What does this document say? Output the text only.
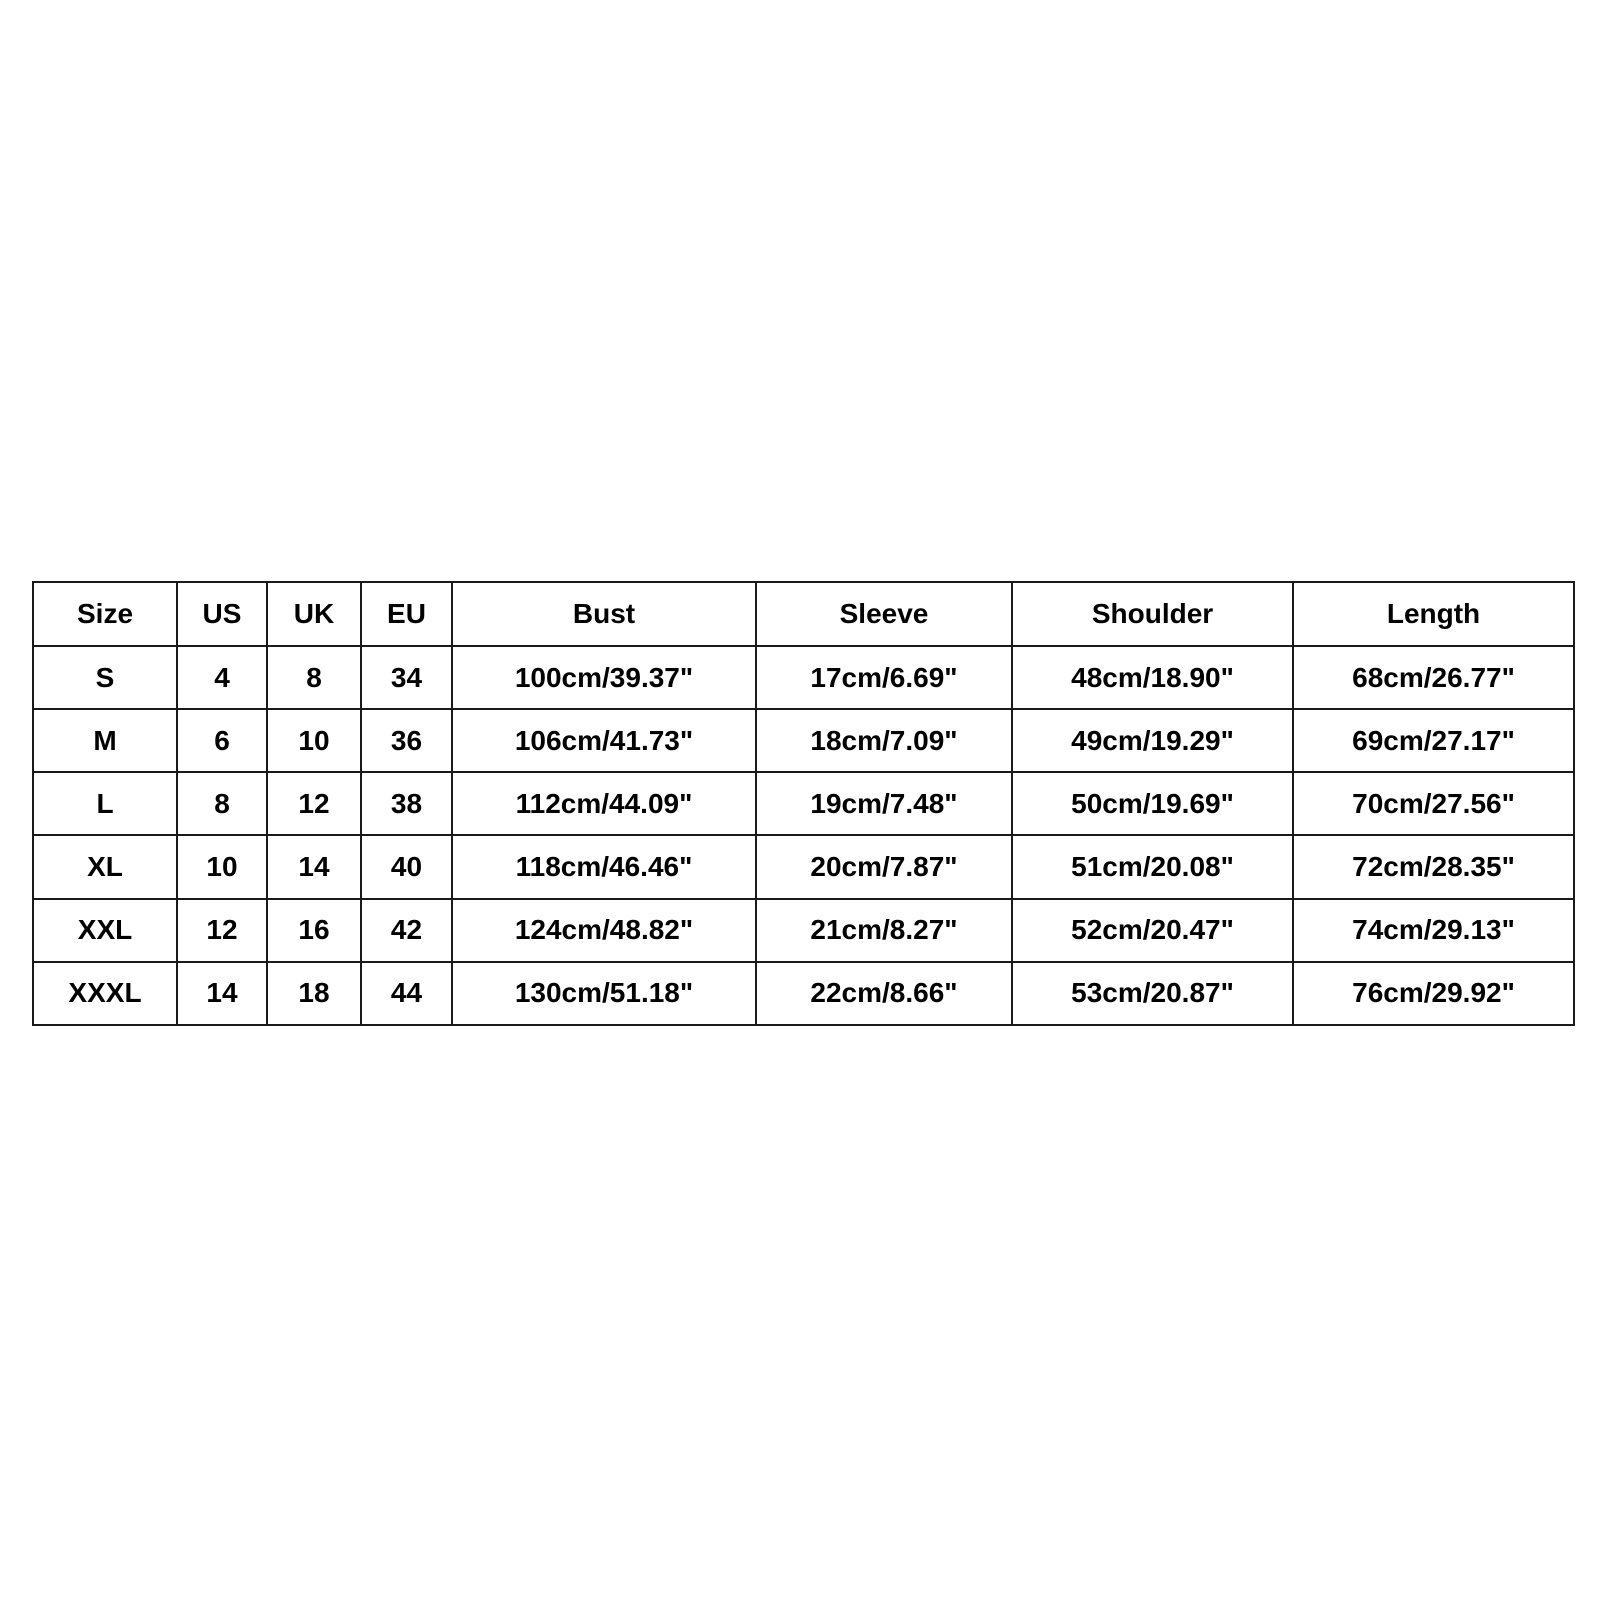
Size	US	UK	EU	Bust	Sleeve	Shoulder	Length
S	4	8	34	100cm/39.37"	17cm/6.69"	48cm/18.90"	68cm/26.77"
M	6	10	36	106cm/41.73"	18cm/7.09"	49cm/19.29"	69cm/27.17"
L	8	12	38	112cm/44.09"	19cm/7.48"	50cm/19.69"	70cm/27.56"
XL	10	14	40	118cm/46.46"	20cm/7.87"	51cm/20.08"	72cm/28.35"
XXL	12	16	42	124cm/48.82"	21cm/8.27"	52cm/20.47"	74cm/29.13"
XXXL	14	18	44	130cm/51.18"	22cm/8.66"	53cm/20.87"	76cm/29.92"
